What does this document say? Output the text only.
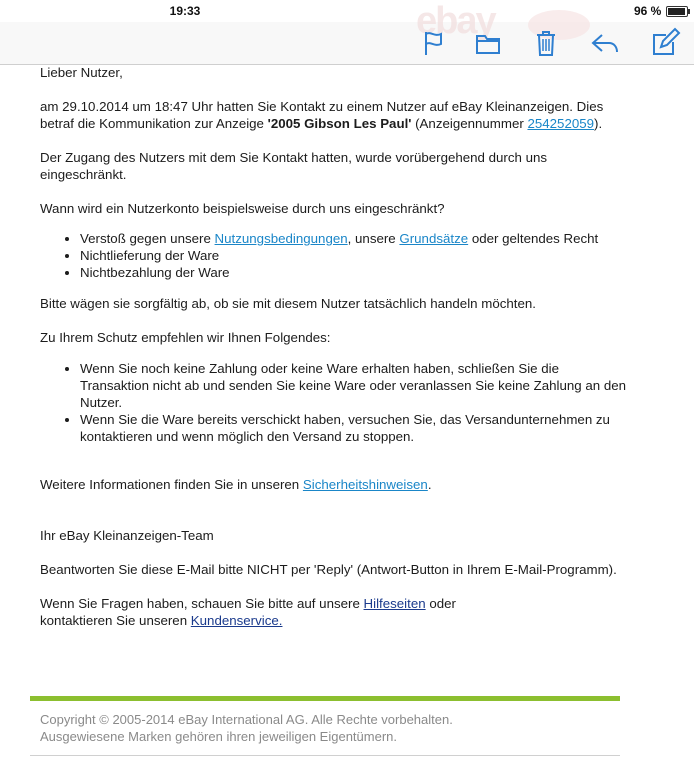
19:33	96 %
ebay

Lieber Nutzer,

am 29.10.2014 um 18:47 Uhr hatten Sie Kontakt zu einem Nutzer auf eBay Kleinanzeigen. Dies betraf die Kommunikation zur Anzeige '2005 Gibson Les Paul' (Anzeigennummer 254252059).

Der Zugang des Nutzers mit dem Sie Kontakt hatten, wurde vorübergehend durch uns eingeschränkt.

Wann wird ein Nutzerkonto beispielsweise durch uns eingeschränkt?

• Verstoß gegen unsere Nutzungsbedingungen, unsere Grundsätze oder geltendes Recht
• Nichtlieferung der Ware
• Nichtbezahlung der Ware

Bitte wägen sie sorgfältig ab, ob sie mit diesem Nutzer tatsächlich handeln möchten.

Zu Ihrem Schutz empfehlen wir Ihnen Folgendes:

• Wenn Sie noch keine Zahlung oder keine Ware erhalten haben, schließen Sie die Transaktion nicht ab und senden Sie keine Ware oder veranlassen Sie keine Zahlung an den Nutzer.
• Wenn Sie die Ware bereits verschickt haben, versuchen Sie, das Versandunternehmen zu kontaktieren und wenn möglich den Versand zu stoppen.

Weitere Informationen finden Sie in unseren Sicherheitshinweisen.

Ihr eBay Kleinanzeigen-Team

Beantworten Sie diese E-Mail bitte NICHT per 'Reply' (Antwort-Button in Ihrem E-Mail-Programm).

Wenn Sie Fragen haben, schauen Sie bitte auf unsere Hilfeseiten oder
kontaktieren Sie unseren Kundenservice.

Copyright © 2005-2014 eBay International AG. Alle Rechte vorbehalten.
Ausgewiesene Marken gehören ihren jeweiligen Eigentümern.
